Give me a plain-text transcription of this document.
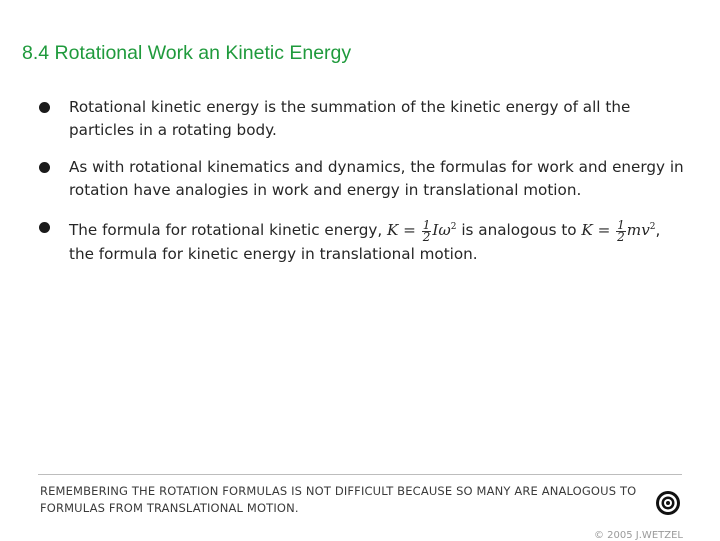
8.4 Rotational Work an Kinetic Energy
Rotational kinetic energy is the summation of the kinetic energy of all the particles in a rotating body.
As with rotational kinematics and dynamics, the formulas for work and energy in rotation have analogies in work and energy in translational motion.
The formula for rotational kinetic energy, $K = \frac{1}{2} I\omega^2$ is analogous to $K = \frac{1}{2} mv^2$, the formula for kinetic energy in translational motion.
REMEMBERING THE ROTATION FORMULAS IS NOT DIFFICULT BECAUSE SO MANY ARE ANALOGOUS TO FORMULAS FROM TRANSLATIONAL MOTION.
© 2005 J.WETZEL
